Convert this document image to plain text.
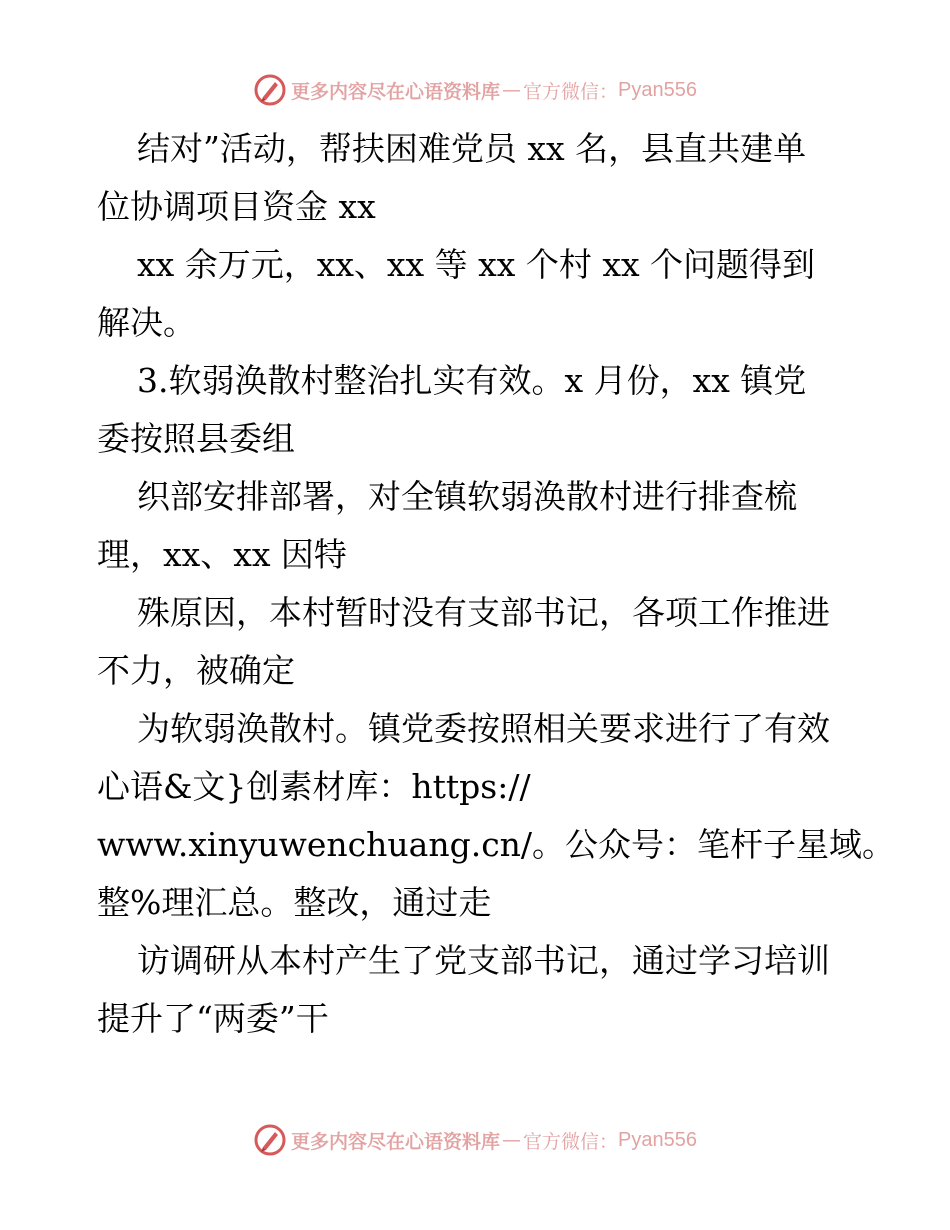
更多内容尽在心语资料库 — 官方微信： Pyan556
结对”活动，帮扶困难党员 xx 名，县直共建单
位协调项目资金 xx
xx 余万元，xx、xx 等 xx 个村 xx 个问题得到
解决。
3.软弱涣散村整治扎实有效。x 月份，xx 镇党
委按照县委组
织部安排部署，对全镇软弱涣散村进行排查梳
理，xx、xx 因特
殊原因，本村暂时没有支部书记，各项工作推进
不力，被确定
为软弱涣散村。镇党委按照相关要求进行了有效
心语&文}创素材库：https://
www.xinyuwenchuang.cn/。公众号：笔杆子星域。
整%理汇总。整改，通过走
访调研从本村产生了党支部书记，通过学习培训
提升了“两委”干
更多内容尽在心语资料库 — 官方微信： Pyan556
